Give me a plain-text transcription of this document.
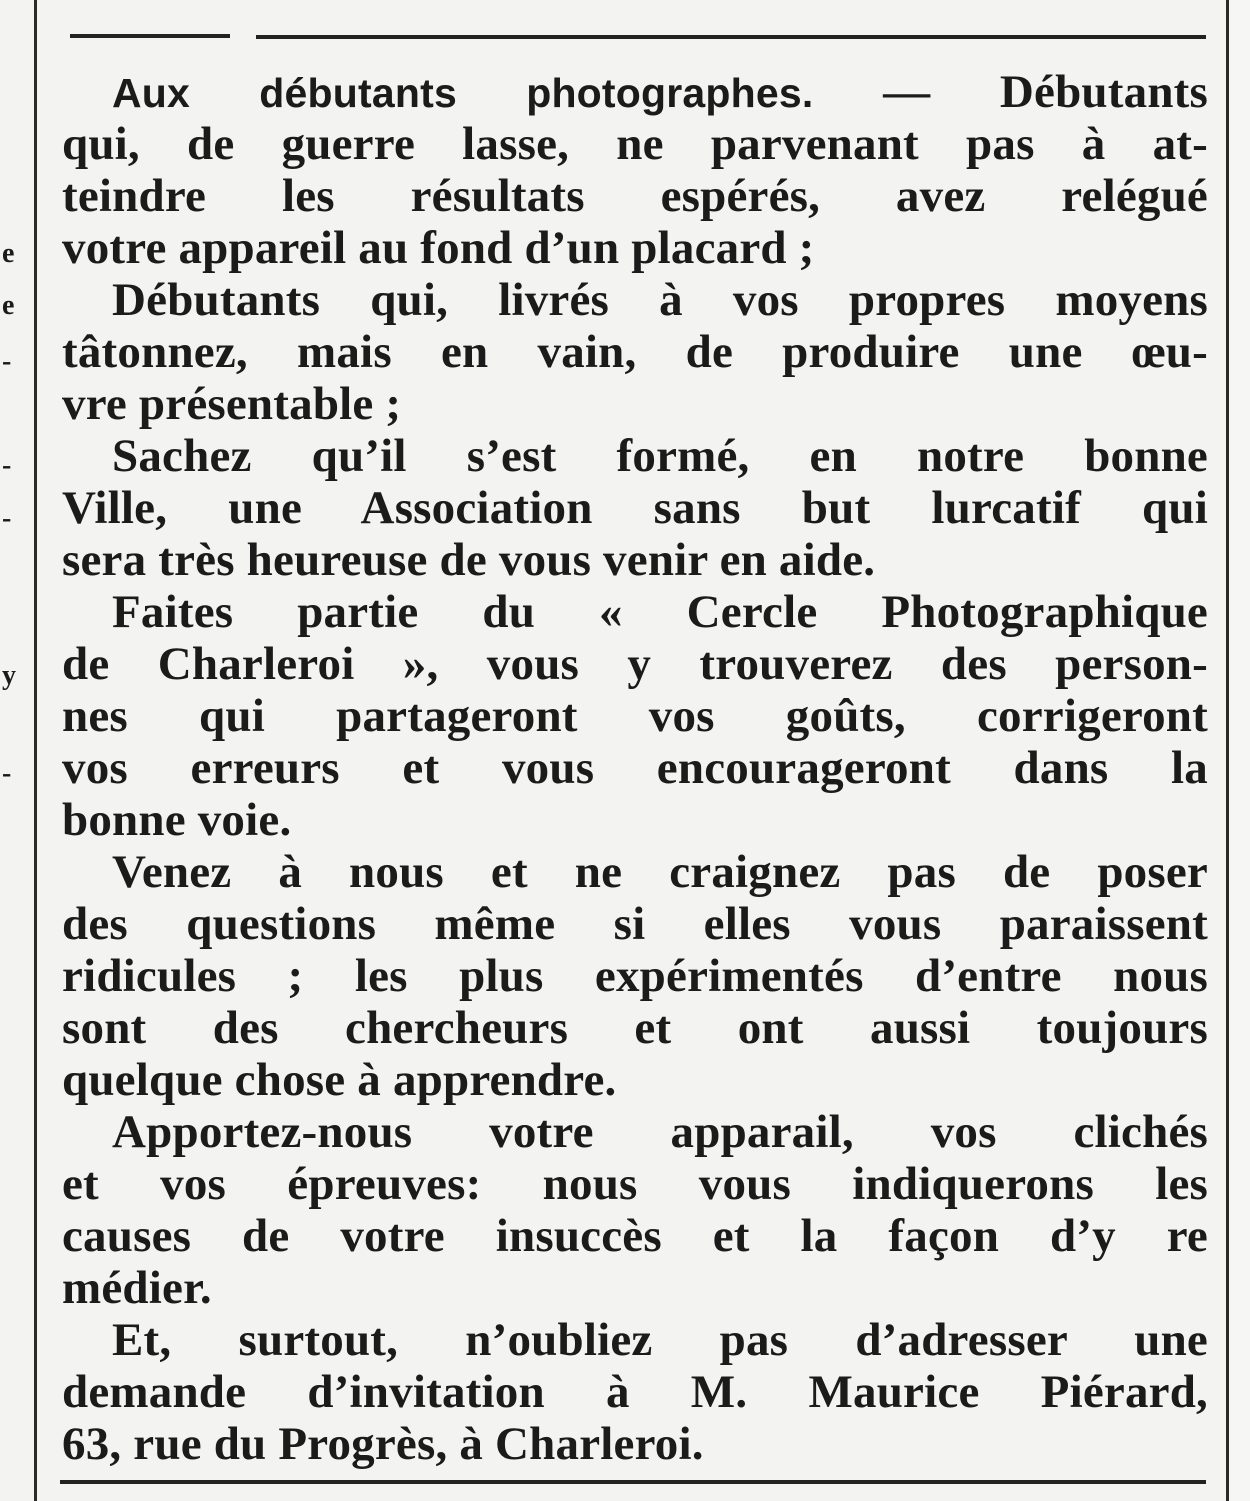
e
e
-
-
-
y
-
Aux débutants photographes. — Débutants
qui, de guerre lasse, ne parvenant pas à at-
teindre les résultats espérés, avez relégué
votre appareil au fond d’un placard ;
Débutants qui, livrés à vos propres moyens
tâtonnez, mais en vain, de produire une œu-
vre présentable ;
Sachez qu’il s’est formé, en notre bonne
Ville, une Association sans but lurcatif qui
sera très heureuse de vous venir en aide.
Faites partie du « Cercle Photographique
de Charleroi », vous y trouverez des person-
nes qui partageront vos goûts, corrigeront
vos erreurs et vous encourageront dans la
bonne voie.
Venez à nous et ne craignez pas de poser
des questions même si elles vous paraissent
ridicules ; les plus expérimentés d’entre nous
sont des chercheurs et ont aussi toujours
quelque chose à apprendre.
Apportez-nous votre apparail, vos clichés
et vos épreuves: nous vous indiquerons les
causes de votre insuccès et la façon d’y re
médier.
Et, surtout, n’oubliez pas d’adresser une
demande d’invitation à M. Maurice Piérard,
63, rue du Progrès, à Charleroi.
